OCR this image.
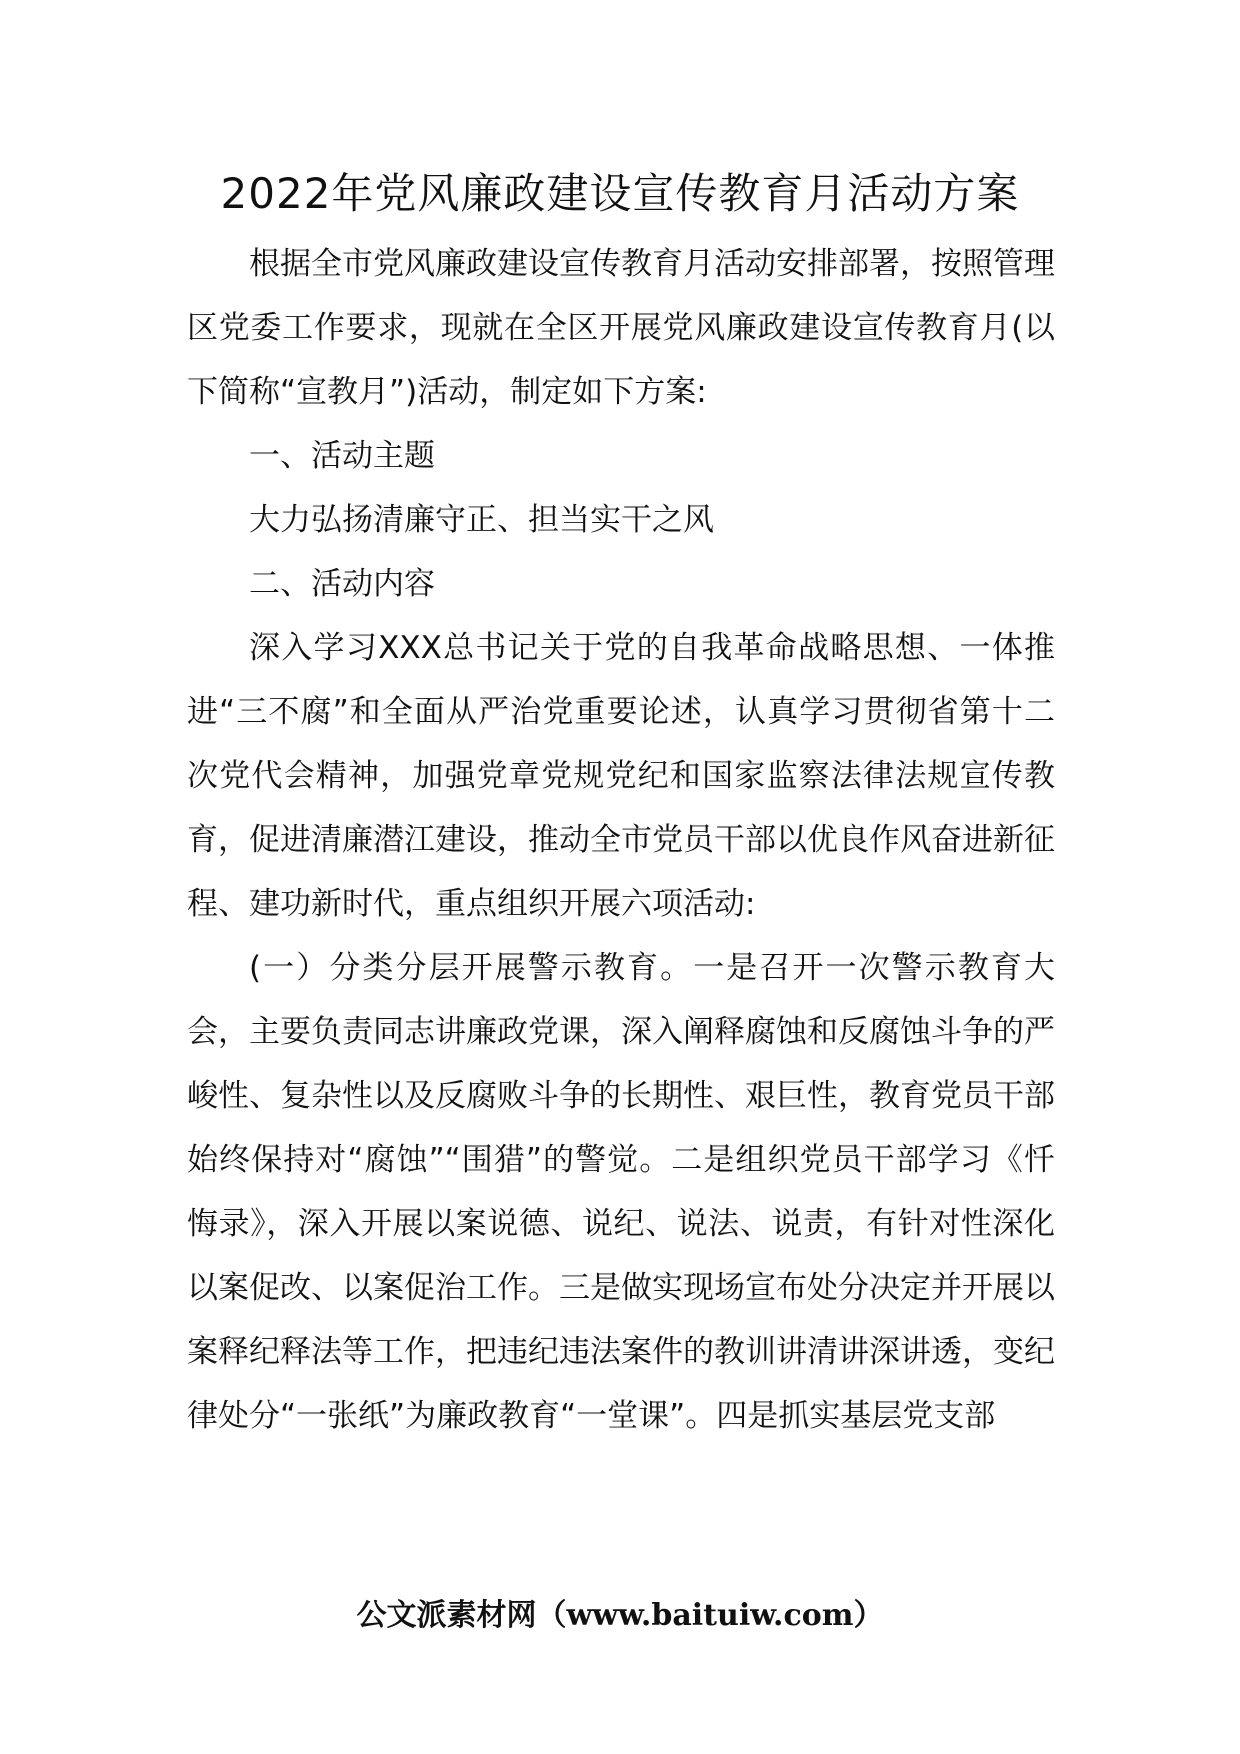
2022年党风廉政建设宣传教育月活动方案

根据全市党风廉政建设宣传教育月活动安排部署，按照管理区党委工作要求，现就在全区开展党风廉政建设宣传教育月(以下简称“宣教月”)活动，制定如下方案:

一、活动主题

大力弘扬清廉守正、担当实干之风

二、活动内容

深入学习XXX总书记关于党的自我革命战略思想、一体推进“三不腐”和全面从严治党重要论述，认真学习贯彻省第十二次党代会精神，加强党章党规党纪和国家监察法律法规宣传教育，促进清廉潜江建设，推动全市党员干部以优良作风奋进新征程、建功新时代，重点组织开展六项活动:

(一）分类分层开展警示教育。一是召开一次警示教育大会，主要负责同志讲廉政党课，深入阐释腐蚀和反腐蚀斗争的严峻性、复杂性以及反腐败斗争的长期性、艰巨性，教育党员干部始终保持对“腐蚀”“围猎”的警觉。二是组织党员干部学习《忏悔录》，深入开展以案说德、说纪、说法、说责，有针对性深化以案促改、以案促治工作。三是做实现场宣布处分决定并开展以案释纪释法等工作，把违纪违法案件的教训讲清讲深讲透，变纪律处分“一张纸”为廉政教育“一堂课”。四是抓实基层党支部

公文派素材网（www.baituiw.com）
